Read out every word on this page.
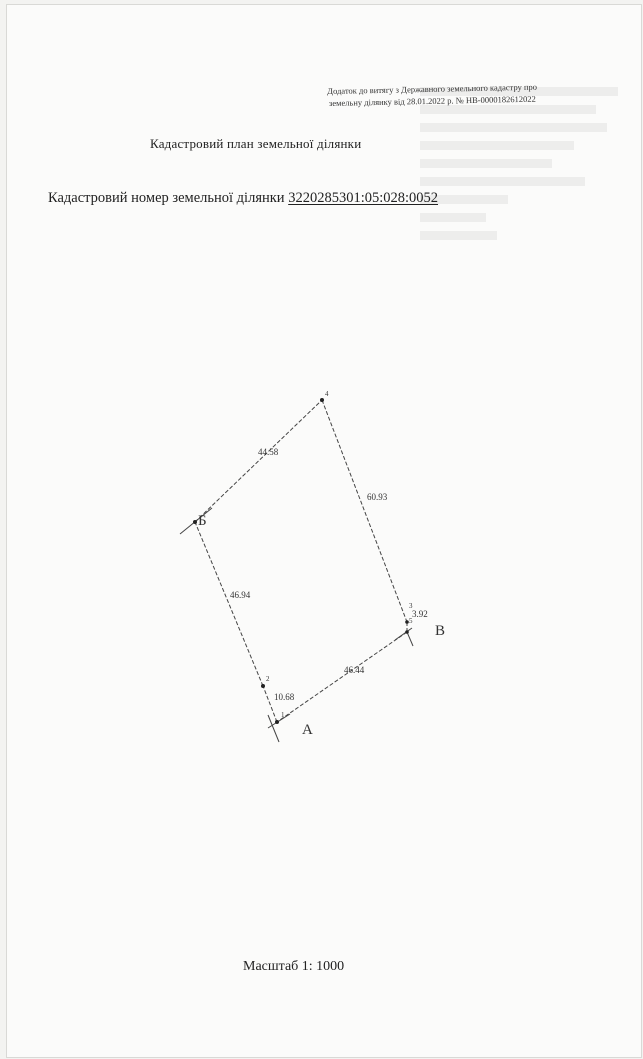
Додаток до витягу з Державного земельного кадастру про
земельну ділянку від 28.01.2022 р. № НВ-0000182612022
Кадастровий план земельної ділянки
Кадастровий номер земельної ділянки 3220285301:05:028:0052
Б
В
А
1
2
3
4
5
44.58
60.93
46.94
46.44
10.68
3.92
Масштаб 1: 1000
